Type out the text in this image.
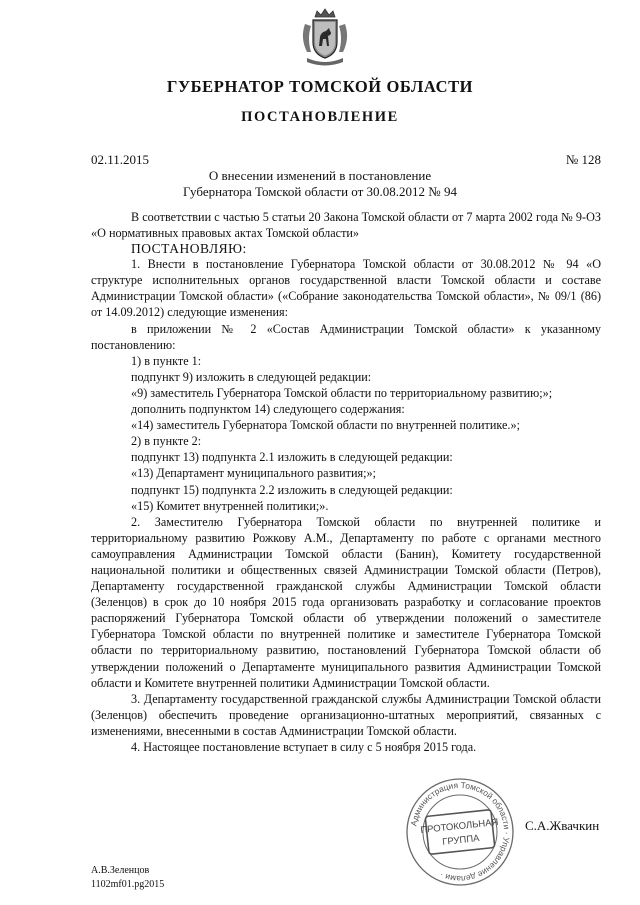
ГУБЕРНАТОР ТОМСКОЙ ОБЛАСТИ
ПОСТАНОВЛЕНИЕ
02.11.2015	№ 128
О внесении изменений в постановление
Губернатора Томской области от 30.08.2012 № 94

В соответствии с частью 5 статьи 20 Закона Томской области от 7 марта 2002 года № 9-ОЗ «О нормативных правовых актах Томской области»

ПОСТАНОВЛЯЮ:

1. Внести в постановление Губернатора Томской области от 30.08.2012 № 94 «О структуре исполнительных органов государственной власти Томской области и составе Администрации Томской области» («Собрание законодательства Томской области», № 09/1 (86) от 14.09.2012) следующие изменения:

в приложении № 2 «Состав Администрации Томской области» к указанному постановлению:

1) в пункте 1:

подпункт 9) изложить в следующей редакции:

«9) заместитель Губернатора Томской области по территориальному развитию;»;

дополнить подпунктом 14) следующего содержания:

«14) заместитель Губернатора Томской области по внутренней политике.»;

2) в пункте 2:

подпункт 13) подпункта 2.1 изложить в следующей редакции:

«13) Департамент муниципального развития;»;

подпункт 15) подпункта 2.2 изложить в следующей редакции:

«15) Комитет внутренней политики;».

2. Заместителю Губернатора Томской области по внутренней политике и территориальному развитию Рожкову А.М., Департаменту по работе с органами местного самоуправления Администрации Томской области (Банин), Комитету государственной национальной политики и общественных связей Администрации Томской области (Петров), Департаменту государственной гражданской службы Администрации Томской области (Зеленцов) в срок до 10 ноября 2015 года организовать разработку и согласование проектов распоряжений Губернатора Томской области об утверждении положений о заместителе Губернатора Томской области по внутренней политике и заместителе Губернатора Томской области по территориальному развитию, постановлений Губернатора Томской области об утверждении положений о Департаменте муниципального развития Администрации Томской области и Комитете внутренней политики Администрации Томской области.

3. Департаменту государственной гражданской службы Администрации Томской области (Зеленцов) обеспечить проведение организационно-штатных мероприятий, связанных с изменениями, внесенными в состав Администрации Томской области.

4. Настоящее постановление вступает в силу с 5 ноября 2015 года.

Администрация Томской области · Управление делами ·
ПРОТОКОЛЬНАЯ
ГРУППА
С.А.Жвачкин
А.В.Зеленцов
1102mf01.pg2015
